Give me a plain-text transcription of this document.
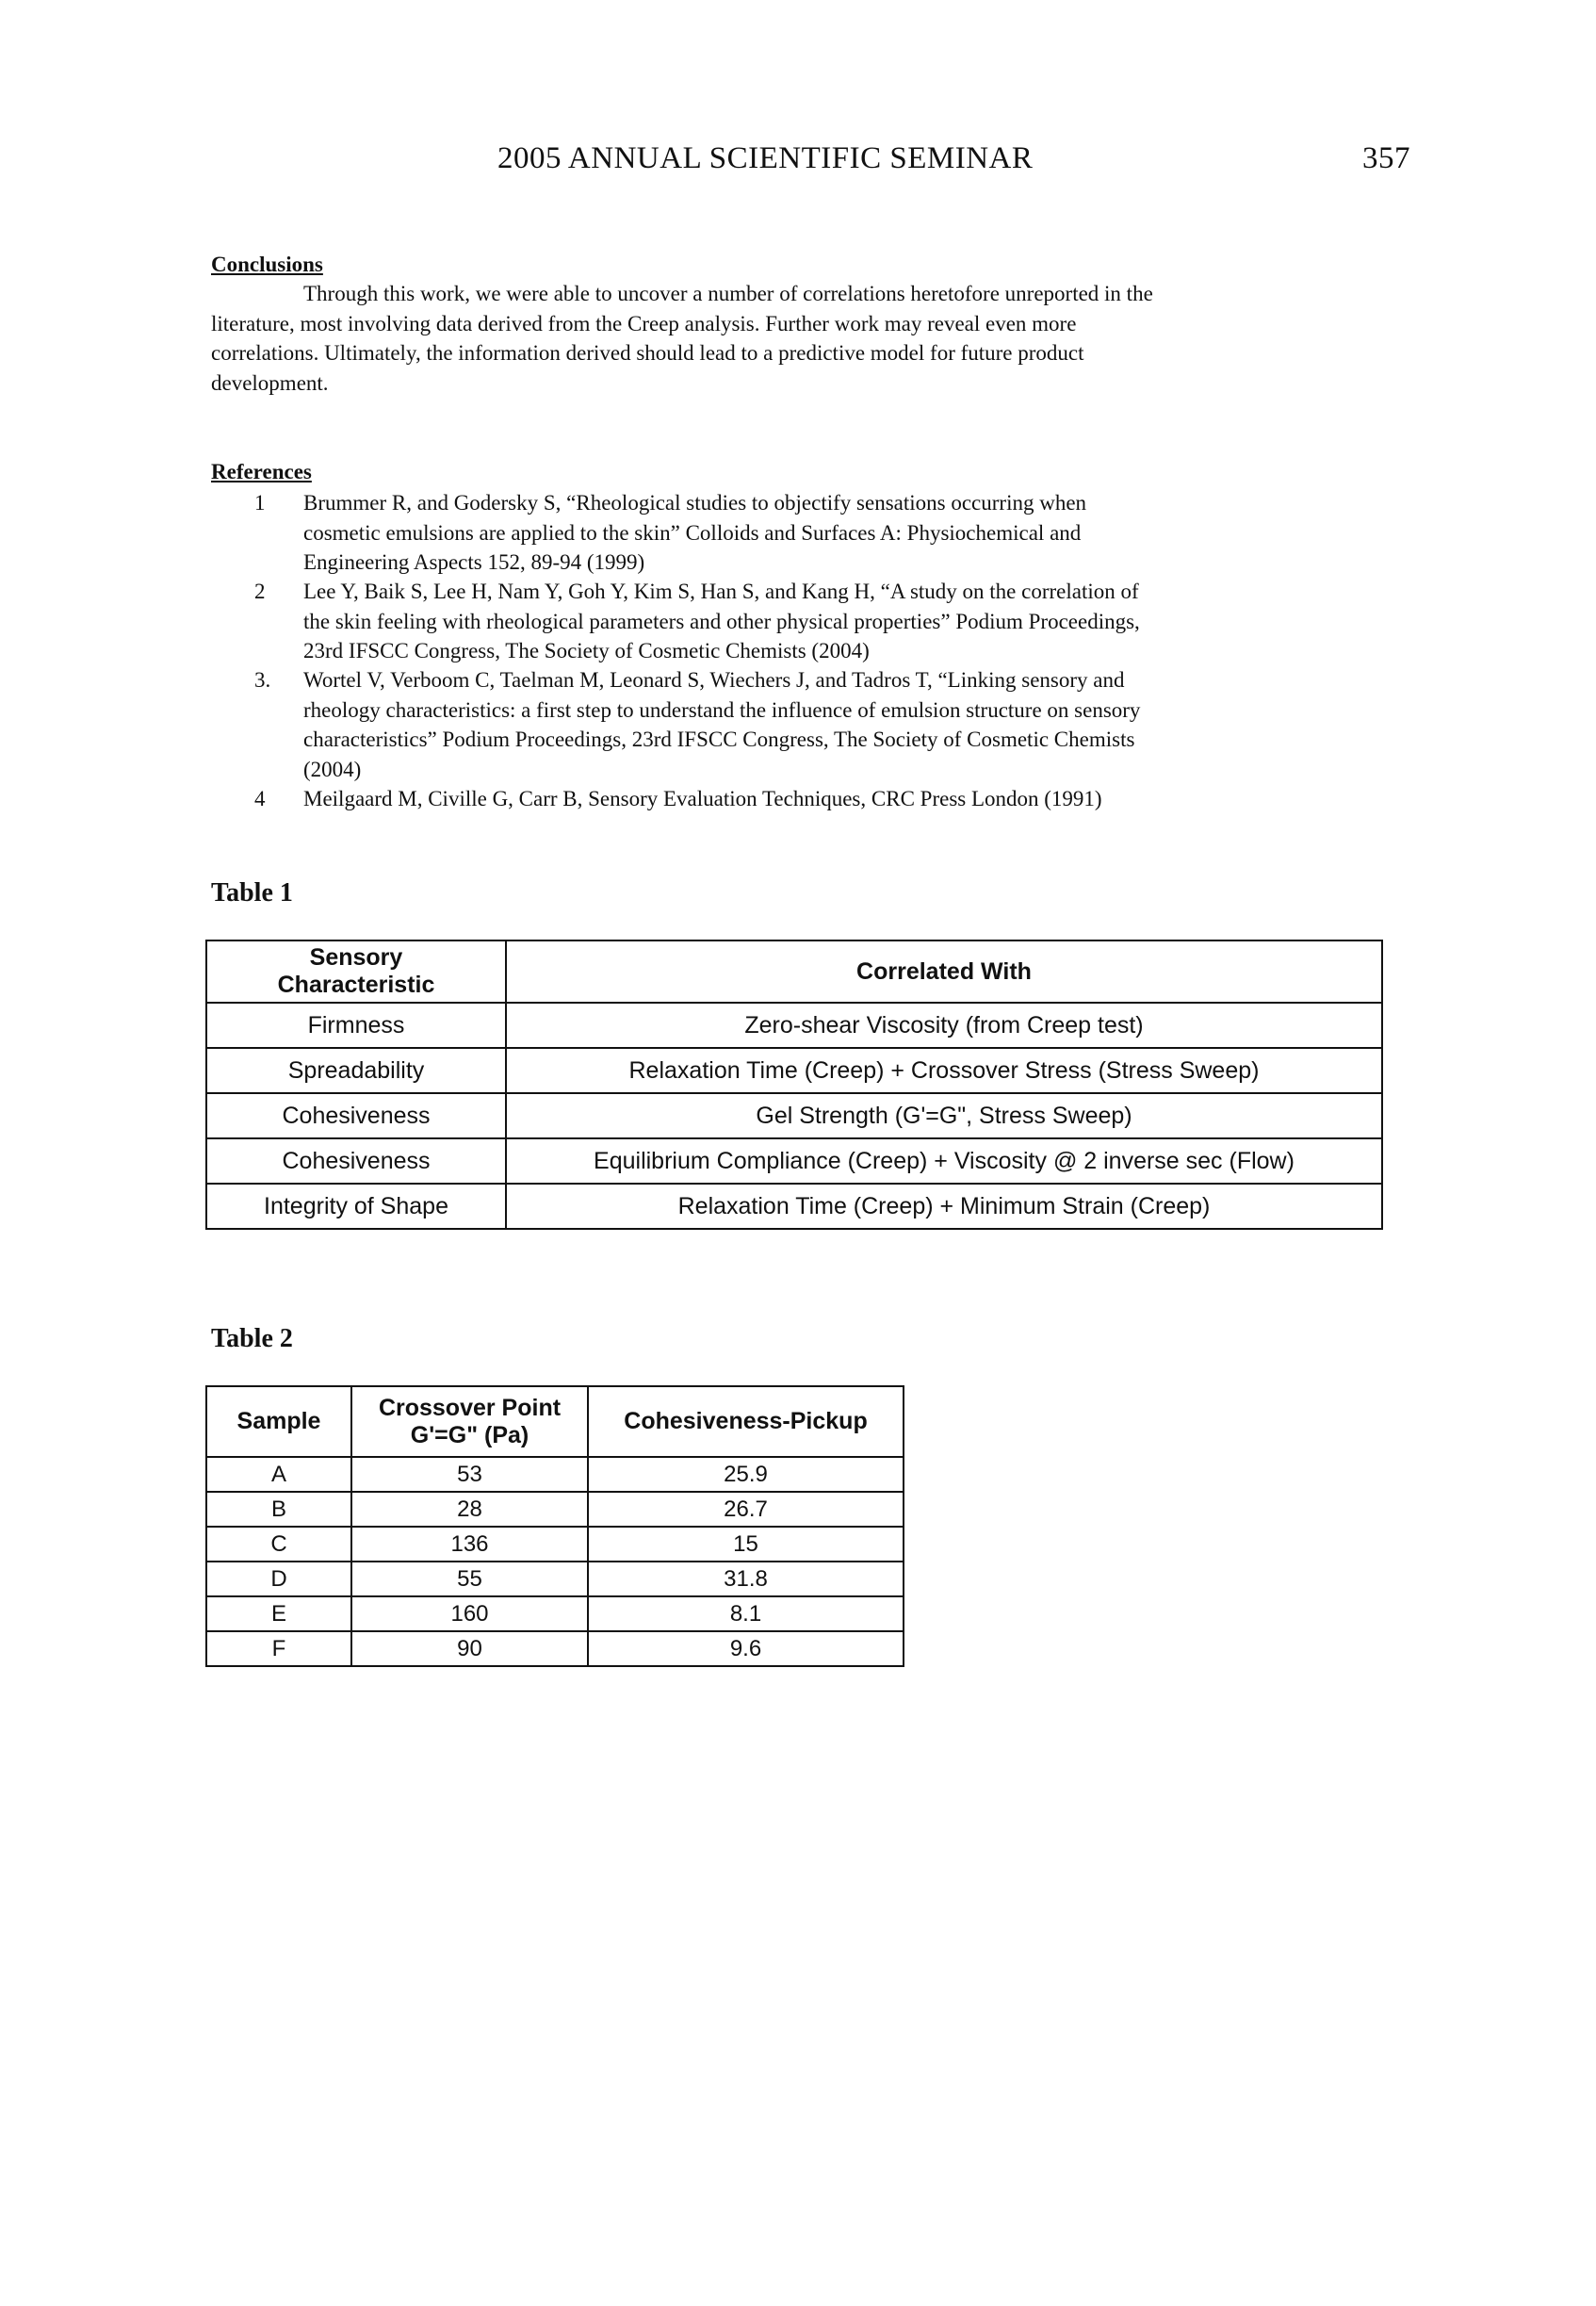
2005 ANNUAL SCIENTIFIC SEMINAR	357
Conclusions
Through this work, we were able to uncover a number of correlations heretofore unreported in the
literature, most involving data derived from the Creep analysis. Further work may reveal even more
correlations. Ultimately, the information derived should lead to a predictive model for future product
development.
References
1 Brummer R, and Godersky S, “Rheological studies to objectify sensations occurring when
cosmetic emulsions are applied to the skin” Colloids and Surfaces A: Physiochemical and
Engineering Aspects 152, 89-94 (1999)
2 Lee Y, Baik S, Lee H, Nam Y, Goh Y, Kim S, Han S, and Kang H, “A study on the correlation of
the skin feeling with rheological parameters and other physical properties” Podium Proceedings,
23rd IFSCC Congress, The Society of Cosmetic Chemists (2004)
3. Wortel V, Verboom C, Taelman M, Leonard S, Wiechers J, and Tadros T, “Linking sensory and
rheology characteristics: a first step to understand the influence of emulsion structure on sensory
characteristics” Podium Proceedings, 23rd IFSCC Congress, The Society of Cosmetic Chemists
(2004)
4 Meilgaard M, Civille G, Carr B, Sensory Evaluation Techniques, CRC Press London (1991)
Table 1
Sensory Characteristic	Correlated With
Firmness	Zero-shear Viscosity (from Creep test)
Spreadability	Relaxation Time (Creep) + Crossover Stress (Stress Sweep)
Cohesiveness	Gel Strength (G'=G", Stress Sweep)
Cohesiveness	Equilibrium Compliance (Creep) + Viscosity @ 2 inverse sec (Flow)
Integrity of Shape	Relaxation Time (Creep) + Minimum Strain (Creep)
Table 2
Sample	Crossover Point G'=G" (Pa)	Cohesiveness-Pickup
A	53	25.9
B	28	26.7
C	136	15
D	55	31.8
E	160	8.1
F	90	9.6
